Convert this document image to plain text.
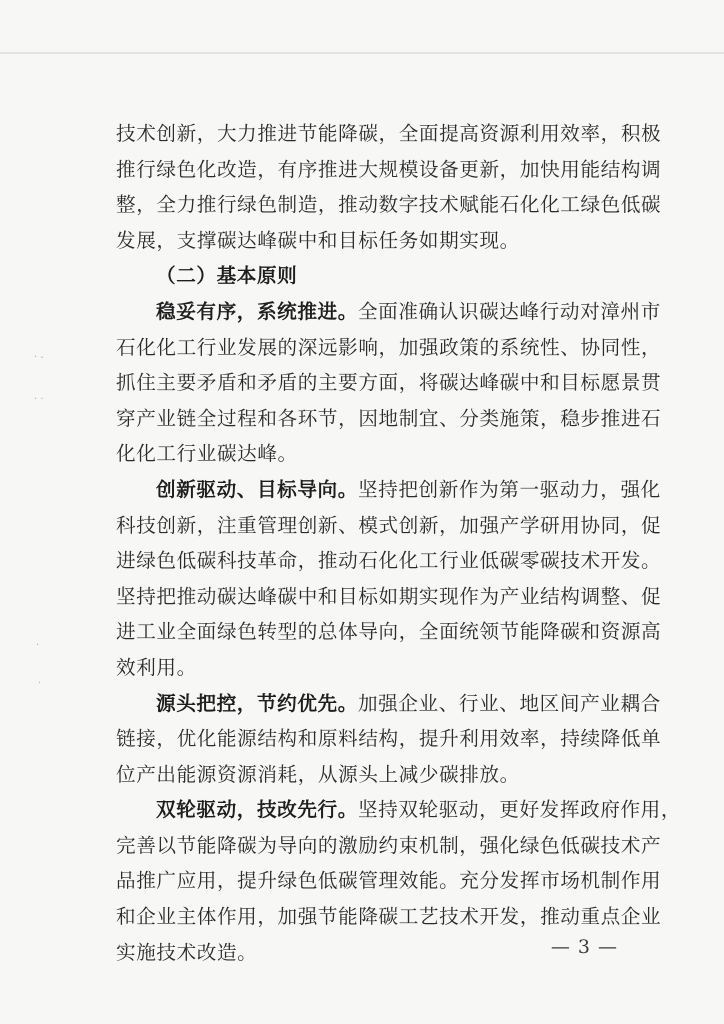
· -
· ·
·
·
技术创新，大力推进节能降碳，全面提高资源利用效率，积极
推行绿色化改造，有序推进大规模设备更新，加快用能结构调
整，全力推行绿色制造，推动数字技术赋能石化化工绿色低碳
发展，支撑碳达峰碳中和目标任务如期实现。
（二）基本原则
稳妥有序，系统推进。全面准确认识碳达峰行动对漳州市
石化化工行业发展的深远影响，加强政策的系统性、协同性，
抓住主要矛盾和矛盾的主要方面，将碳达峰碳中和目标愿景贯
穿产业链全过程和各环节，因地制宜、分类施策，稳步推进石
化化工行业碳达峰。
创新驱动、目标导向。坚持把创新作为第一驱动力，强化
科技创新，注重管理创新、模式创新，加强产学研用协同，促
进绿色低碳科技革命，推动石化化工行业低碳零碳技术开发。
坚持把推动碳达峰碳中和目标如期实现作为产业结构调整、促
进工业全面绿色转型的总体导向，全面统领节能降碳和资源高
效利用。
源头把控，节约优先。加强企业、行业、地区间产业耦合
链接，优化能源结构和原料结构，提升利用效率，持续降低单
位产出能源资源消耗，从源头上减少碳排放。
双轮驱动，技改先行。坚持双轮驱动，更好发挥政府作用，
完善以节能降碳为导向的激励约束机制，强化绿色低碳技术产
品推广应用，提升绿色低碳管理效能。充分发挥市场机制作用
和企业主体作用，加强节能降碳工艺技术开发，推动重点企业
实施技术改造。	— 3 —
